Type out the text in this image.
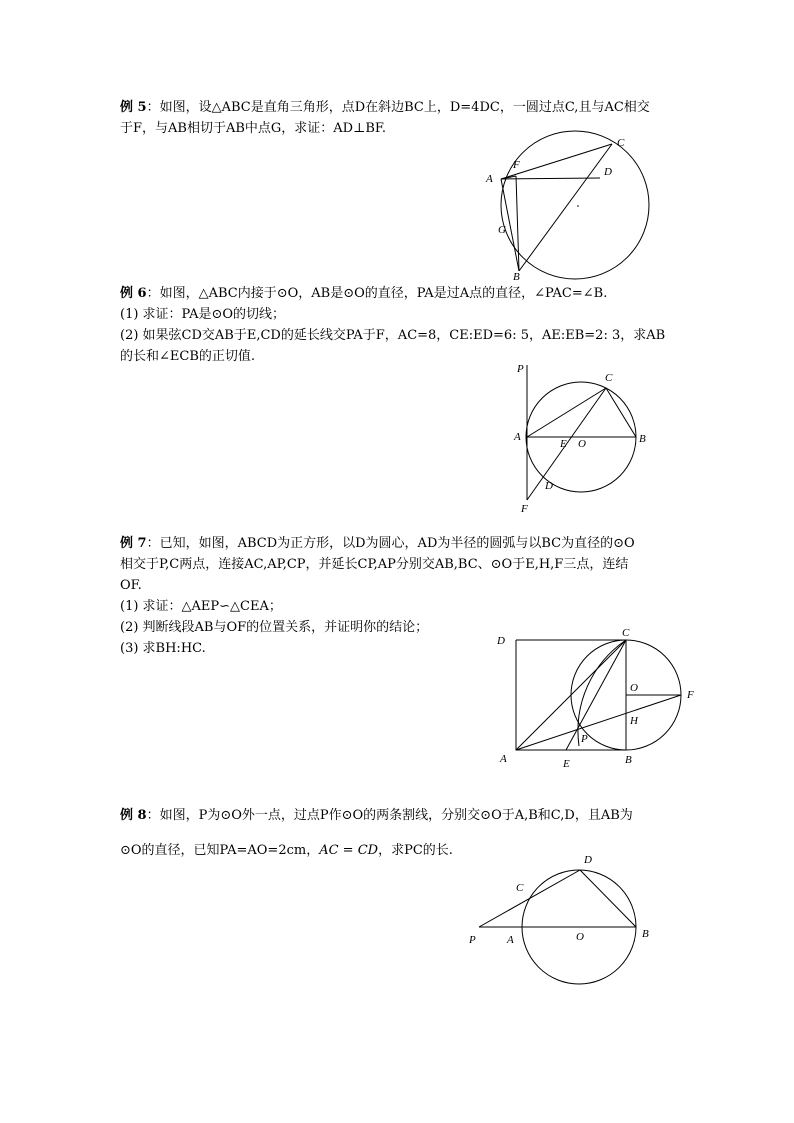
例 5：如图，设△ABC是直角三角形，点D在斜边BC上，D=4DC，一圆过点C,且与AC相交
于F，与AB相切于AB中点G，求证：AD⊥BF.
A
F
C
D
G
B
例 6：如图，△ABC内接于⊙O，AB是⊙O的直径，PA是过A点的直径，∠PAC=∠B.
(1) 求证：PA是⊙O的切线；
(2) 如果弦CD交AB于E,CD的延长线交PA于F，AC=8，CE:ED=6: 5，AE:EB=2: 3，求AB
的长和∠ECB的正切值.
P
C
A
E O	B
D
F
例 7：已知，如图，ABCD为正方形，以D为圆心，AD为半径的圆弧与以BC为直径的⊙O
相交于P,C两点，连接AC,AP,CP，并延长CP,AP分别交AB,BC、⊙O于E,H,F三点，连结
OF.
(1) 求证：△AEP∽△CEA；
(2) 判断线段AB与OF的位置关系，并证明你的结论；
(3) 求BH:HC.	D
C
O
F
H
P
A	E	B
例 8：如图，P为⊙O外一点，过点P作⊙O的两条割线，分别交⊙O于A,B和C,D，且AB为
⊙O的直径，已知PA=AO=2cm，AC = CD，求PC的长.
D
C
P	A	O	B
